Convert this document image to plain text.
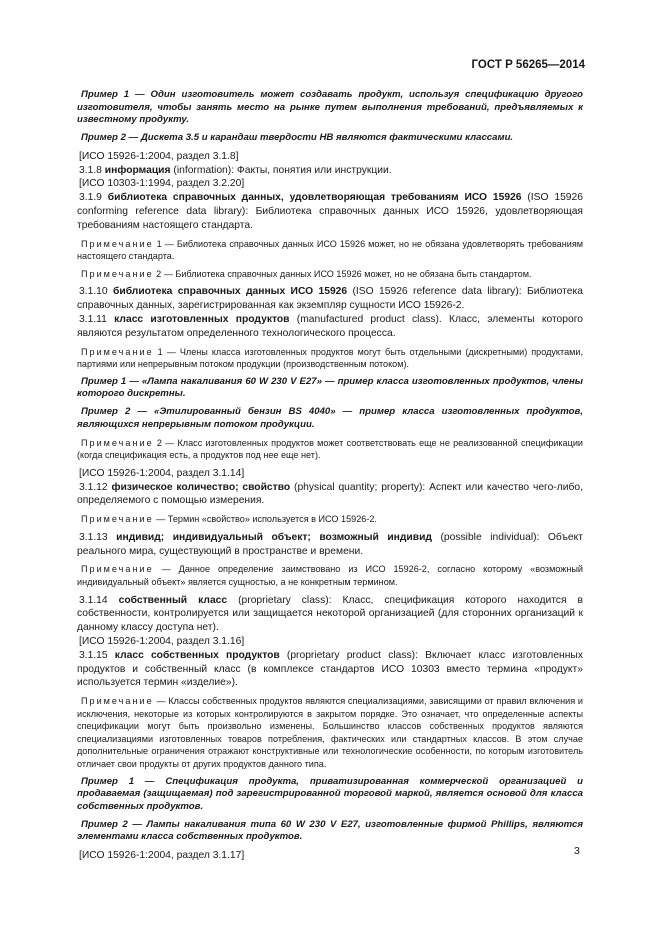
ГОСТ Р 56265—2014

Пример 1 — Один изготовитель может создавать продукт, используя спецификацию другого изготовителя, чтобы занять место на рынке путем выполнения требований, предъявляемых к известному продукту.

Пример 2 — Дискета 3.5 и карандаш твердости НВ являются фактическими классами.

[ИСО 15926-1:2004, раздел 3.1.8]

3.1.8 информация (information): Факты, понятия или инструкции.

[ИСО 10303-1:1994, раздел 3.2.20]

3.1.9 библиотека справочных данных, удовлетворяющая требованиям ИСО 15926 (ISO 15926 conforming reference data library): Библиотека справочных данных ИСО 15926, удовлетворяющая требованиям настоящего стандарта.

Примечание 1 — Библиотека справочных данных ИСО 15926 может, но не обязана удовлетворять требованиям настоящего стандарта.

Примечание 2 — Библиотека справочных данных ИСО 15926 может, но не обязана быть стандартом.

3.1.10 библиотека справочных данных ИСО 15926 (ISO 15926 reference data library): Библиотека справочных данных, зарегистрированная как экземпляр сущности ИСО 15926-2.

3.1.11 класс изготовленных продуктов (manufactured product class). Класс, элементы которого являются результатом определенного технологического процесса.

Примечание 1 — Члены класса изготовленных продуктов могут быть отдельными (дискретными) продуктами, партиями или непрерывным потоком продукции (производственным потоком).

Пример 1 — «Лампа накаливания 60 W 230 V E27» — пример класса изготовленных продуктов, члены которого дискретны.

Пример 2 — «Этилированный бензин BS 4040» — пример класса изготовленных продуктов, являющихся непрерывным потоком продукции.

Примечание 2 — Класс изготовленных продуктов может соответствовать еще не реализованной спецификации (когда спецификация есть, а продуктов под нее еще нет).

[ИСО 15926-1:2004, раздел 3.1.14]

3.1.12 физическое количество; свойство (physical quantity; property): Аспект или качество чего-либо, определяемого с помощью измерения.

Примечание — Термин «свойство» используется в ИСО 15926-2.

3.1.13 индивид; индивидуальный объект; возможный индивид (possible individual): Объект реального мира, существующий в пространстве и времени.

Примечание — Данное определение заимствовано из ИСО 15926-2, согласно которому «возможный индивидуальный объект» является сущностью, а не конкретным термином.

3.1.14 собственный класс (proprietary class): Класс, спецификация которого находится в собственности, контролируется или защищается некоторой организацией (для сторонних организаций к данному классу доступа нет).

[ИСО 15926-1:2004, раздел 3.1.16]

3.1.15 класс собственных продуктов (proprietary product class): Включает класс изготовленных продуктов и собственный класс (в комплексе стандартов ИСО 10303 вместо термина «продукт» используется термин «изделие»).

Примечание — Классы собственных продуктов являются специализациями, зависящими от правил включения и исключения, некоторые из которых контролируются в закрытом порядке. Это означает, что определенные аспекты спецификации могут быть произвольно изменены. Большинство классов собственных продуктов являются специализациями изготовленных товаров потребления, фактических или стандартных классов. В этом случае дополнительные ограничения отражают конструктивные или технологические особенности, по которым изготовитель отличает свои продукты от других продуктов данного типа.

Пример 1 — Спецификация продукта, приватизированная коммерческой организацией и продаваемая (защищаемая) под зарегистрированной торговой маркой, является основой для класса собственных продуктов.

Пример 2 — Лампы накаливания типа 60 W 230 V E27, изготовленные фирмой Phillips, являются элементами класса собственных продуктов.

[ИСО 15926-1:2004, раздел 3.1.17]	3
